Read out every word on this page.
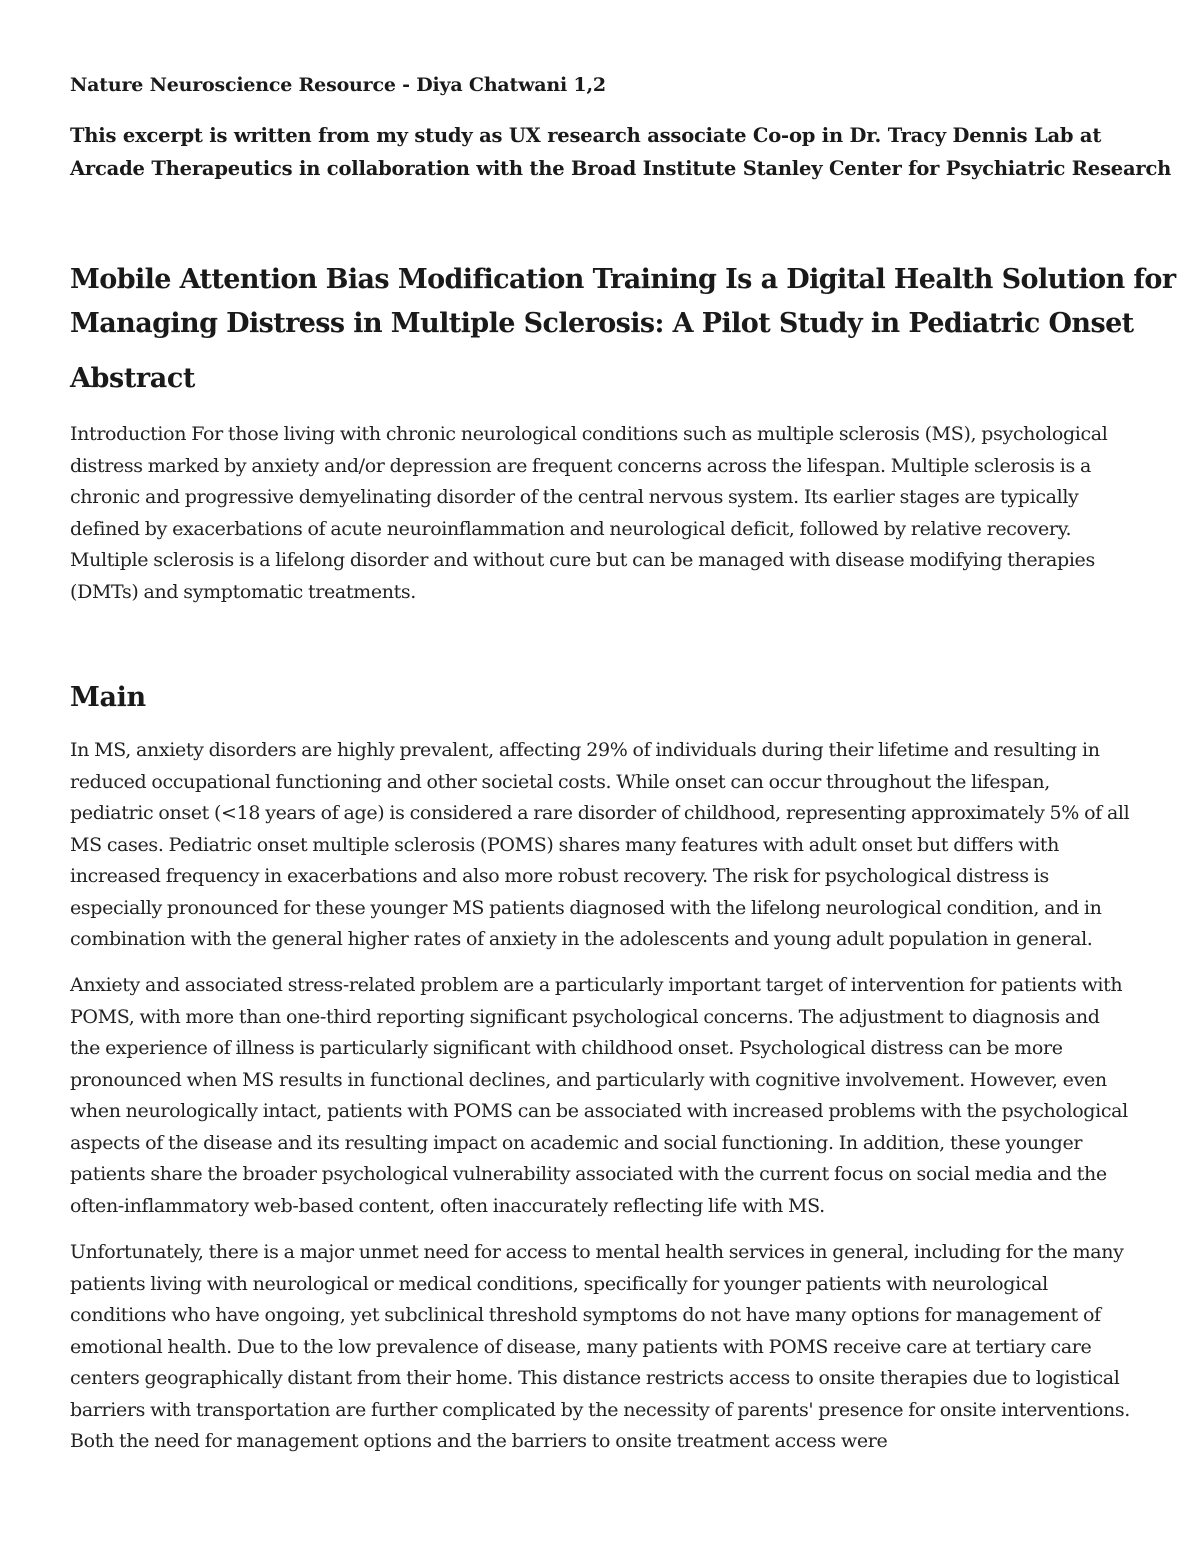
Nature Neuroscience Resource - Diya Chatwani 1,2
This excerpt is written from my study as UX research associate Co-op in Dr. Tracy Dennis Lab at
Arcade Therapeutics in collaboration with the Broad Institute Stanley Center for Psychiatric Research
Mobile Attention Bias Modification Training Is a Digital Health Solution for
Managing Distress in Multiple Sclerosis: A Pilot Study in Pediatric Onset
Abstract

Introduction For those living with chronic neurological conditions such as multiple sclerosis (MS), psychological distress marked by anxiety and/or depression are frequent concerns across the lifespan. Multiple sclerosis is a chronic and progressive demyelinating disorder of the central nervous system. Its earlier stages are typically defined by exacerbations of acute neuroinflammation and neurological deficit, followed by relative recovery. Multiple sclerosis is a lifelong disorder and without cure but can be managed with disease modifying therapies (DMTs) and symptomatic treatments.

Main

In MS, anxiety disorders are highly prevalent, affecting 29% of individuals during their lifetime and resulting in reduced occupational functioning and other societal costs. While onset can occur throughout the lifespan, pediatric onset (<18 years of age) is considered a rare disorder of childhood, representing approximately 5% of all MS cases. Pediatric onset multiple sclerosis (POMS) shares many features with adult onset but differs with increased frequency in exacerbations and also more robust recovery. The risk for psychological distress is especially pronounced for these younger MS patients diagnosed with the lifelong neurological condition, and in combination with the general higher rates of anxiety in the adolescents and young adult population in general.

Anxiety and associated stress-related problem are a particularly important target of intervention for patients with POMS, with more than one-third reporting significant psychological concerns. The adjustment to diagnosis and the experience of illness is particularly significant with childhood onset. Psychological distress can be more pronounced when MS results in functional declines, and particularly with cognitive involvement. However, even when neurologically intact, patients with POMS can be associated with increased problems with the psychological aspects of the disease and its resulting impact on academic and social functioning. In addition, these younger patients share the broader psychological vulnerability associated with the current focus on social media and the often-inflammatory web-based content, often inaccurately reflecting life with MS.

Unfortunately, there is a major unmet need for access to mental health services in general, including for the many patients living with neurological or medical conditions, specifically for younger patients with neurological conditions who have ongoing, yet subclinical threshold symptoms do not have many options for management of emotional health. Due to the low prevalence of disease, many patients with POMS receive care at tertiary care centers geographically distant from their home. This distance restricts access to onsite therapies due to logistical barriers with transportation are further complicated by the necessity of parents' presence for onsite interventions. Both the need for management options and the barriers to onsite treatment access were
